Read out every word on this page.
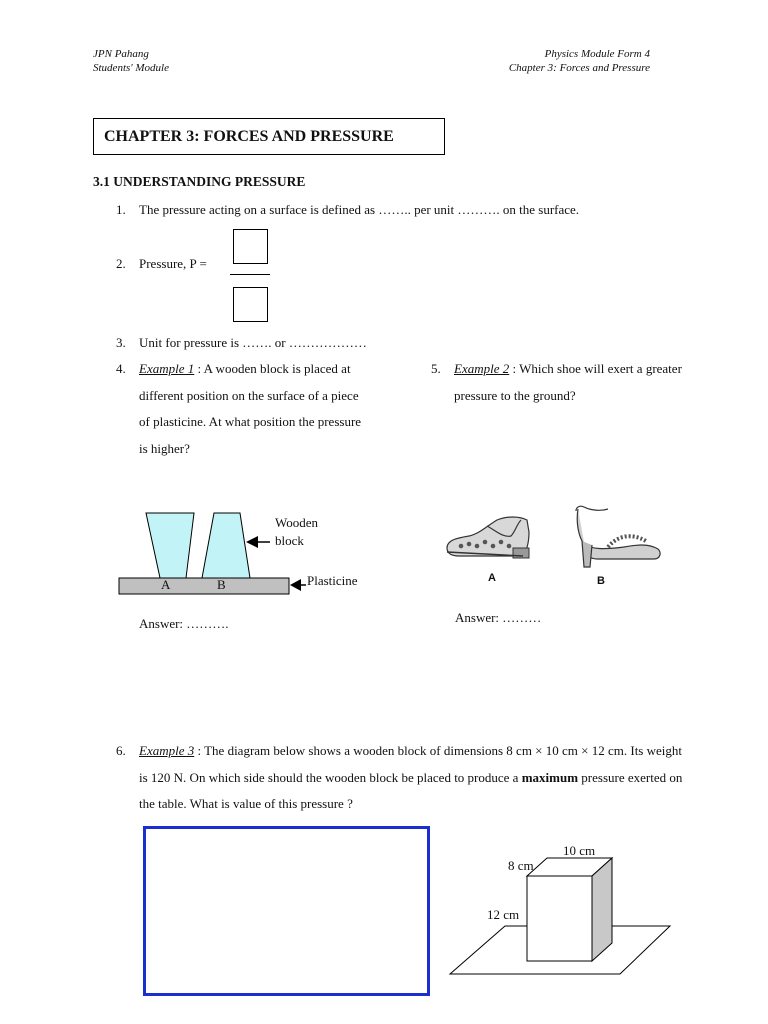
JPN Pahang
Students' Module
Physics Module Form 4
Chapter 3: Forces and Pressure
CHAPTER 3: FORCES AND PRESSURE
3.1 UNDERSTANDING PRESSURE
1. The pressure acting on a surface is defined as …….. per unit ………. on the surface.
2. Pressure, P =
3. Unit for pressure is ……. or ………………
4. Example 1 : A wooden block is placed at different position on the surface of a piece of plasticine. At what position the pressure is higher?
Wooden
block
Plasticine
A	B
Answer: ……….
5. Example 2 : Which shoe will exert a greater pressure to the ground?
A	B
Answer: ………
6. Example 3 : The diagram below shows a wooden block of dimensions 8 cm × 10 cm × 12 cm. Its weight is 120 N. On which side should the wooden block be placed to produce a maximum pressure exerted on the table. What is value of this pressure ?
10 cm
8 cm
12 cm
